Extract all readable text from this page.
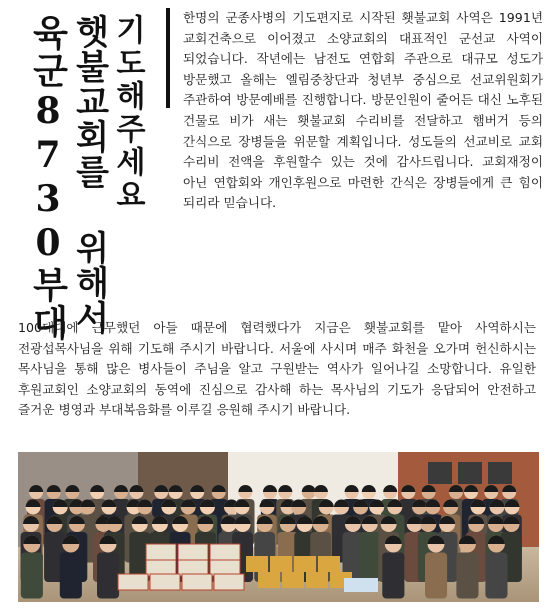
육군8730부대 햇불교회를 위해서 기도해주세요	한명의 군종사병의 기도편지로 시작된 횃불교회 사역은 1991년 교회건축으로 이어졌고 소양교회의 대표적인 군선교 사역이 되었습니다. 작년에는 남전도 연합회 주관으로 대규모 성도가 방문했고 올해는 엘림중창단과 청년부 중심으로 선교위원회가 주관하여 방문예배를 진행합니다. 방문인원이 줄어든 대신 노후된 건물로 비가 새는 횃불교회 수리비를 전달하고 햄버거 등의 간식으로 장병들을 위문할 계획입니다. 성도들의 선교비로 교회 수리비 전액을 후원할수 있는 것에 감사드립니다. 교회재정이 아닌 연합회와 개인후원으로 마련한 간식은 장병들에게 큰 힘이 되리라 믿습니다.

100대대에 근무했던 아들 때문에 협력했다가 지금은 횃불교회를 맡아 사역하시는 전광섭목사님을 위해 기도해 주시기 바랍니다. 서울에 사시며 매주 화천을 오가며 헌신하시는 목사님을 통해 많은 병사들이 주님을 알고 구원받는 역사가 일어나길 소망합니다. 유일한 후원교회인 소양교회의 동역에 진심으로 감사해 하는 목사님의 기도가 응답되어 안전하고 즐거운 병영과 부대복음화를 이루길 응원해 주시기 바랍니다.
